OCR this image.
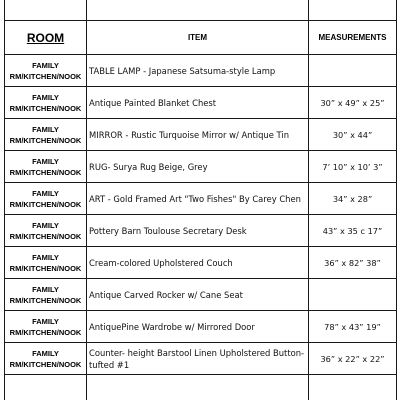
ROOM	ITEM	MEASUREMENTS

FAMILY
RM/KITCHEN/NOOK	TABLE LAMP - Japanese Satsuma-style Lamp	

FAMILY
RM/KITCHEN/NOOK	Antique Painted Blanket Chest	30” x 49” x 25”

FAMILY
RM/KITCHEN/NOOK	MIRROR - Rustic Turquoise Mirror w/ Antique Tin	30” x 44”

FAMILY
RM/KITCHEN/NOOK	RUG- Surya Rug Beige, Grey	7’ 10” x 10’ 3”

FAMILY
RM/KITCHEN/NOOK	ART - Gold Framed Art "Two Fishes" By Carey Chen	34” x 28”

FAMILY
RM/KITCHEN/NOOK	Pottery Barn Toulouse Secretary Desk	43” x 35 c 17”

FAMILY
RM/KITCHEN/NOOK	Cream-colored Upholstered Couch	36” x 82” 38”

FAMILY
RM/KITCHEN/NOOK	Antique Carved Rocker w/ Cane Seat	

FAMILY
RM/KITCHEN/NOOK	AntiquePine Wardrobe w/ Mirrored Door	78” x 43” 19”

FAMILY
RM/KITCHEN/NOOK	Counter- height Barstool Linen Upholstered Button-tufted #1	36” x 22” x 22”
